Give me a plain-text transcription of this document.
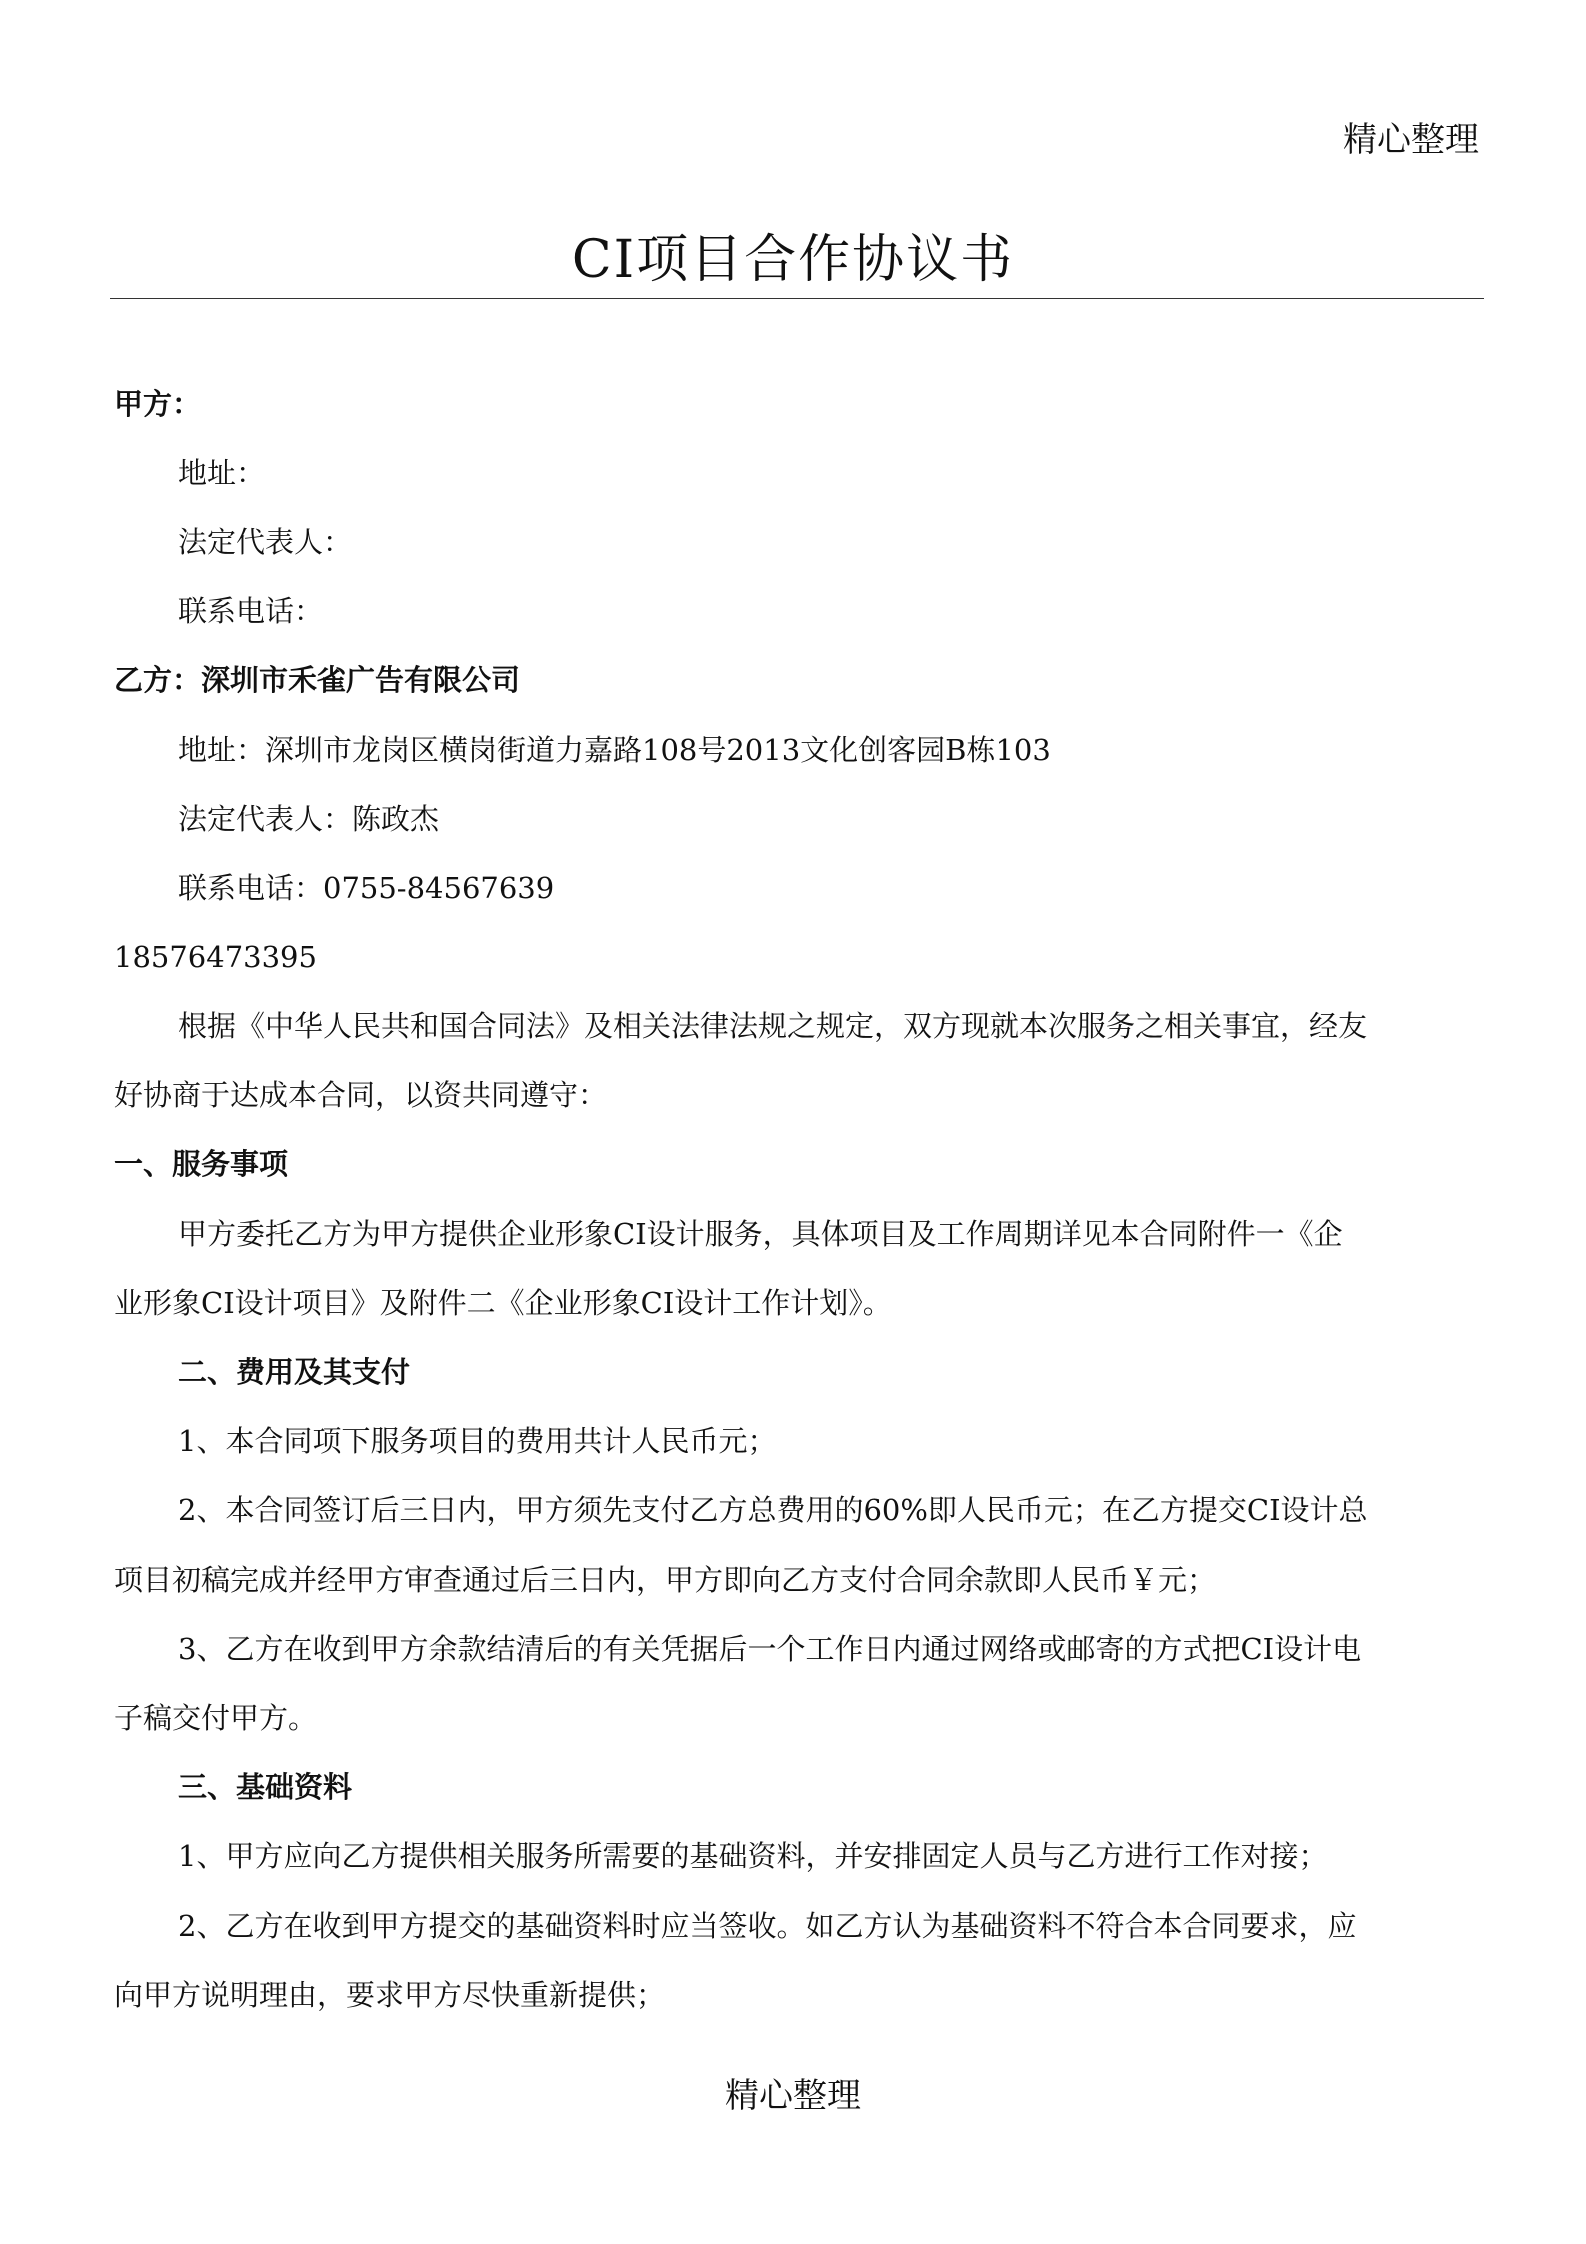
精心整理

CI项目合作协议书

甲方：

地址：

法定代表人：

联系电话：

乙方：深圳市禾雀广告有限公司

地址：深圳市龙岗区横岗街道力嘉路108号2013文化创客园B栋103

法定代表人：陈政杰

联系电话：0755-84567639

18576473395

根据《中华人民共和国合同法》及相关法律法规之规定，双方现就本次服务之相关事宜，经友

好协商于达成本合同，以资共同遵守：

一、服务事项

甲方委托乙方为甲方提供企业形象CI设计服务，具体项目及工作周期详见本合同附件一《企

业形象CI设计项目》及附件二《企业形象CI设计工作计划》。

二、费用及其支付

1、本合同项下服务项目的费用共计人民币元；

2、本合同签订后三日内，甲方须先支付乙方总费用的60%即人民币元；在乙方提交CI设计总

项目初稿完成并经甲方审查通过后三日内，甲方即向乙方支付合同余款即人民币￥元；

3、乙方在收到甲方余款结清后的有关凭据后一个工作日内通过网络或邮寄的方式把CI设计电

子稿交付甲方。

三、基础资料

1、甲方应向乙方提供相关服务所需要的基础资料，并安排固定人员与乙方进行工作对接；

2、乙方在收到甲方提交的基础资料时应当签收。如乙方认为基础资料不符合本合同要求，应

向甲方说明理由，要求甲方尽快重新提供；

精心整理
